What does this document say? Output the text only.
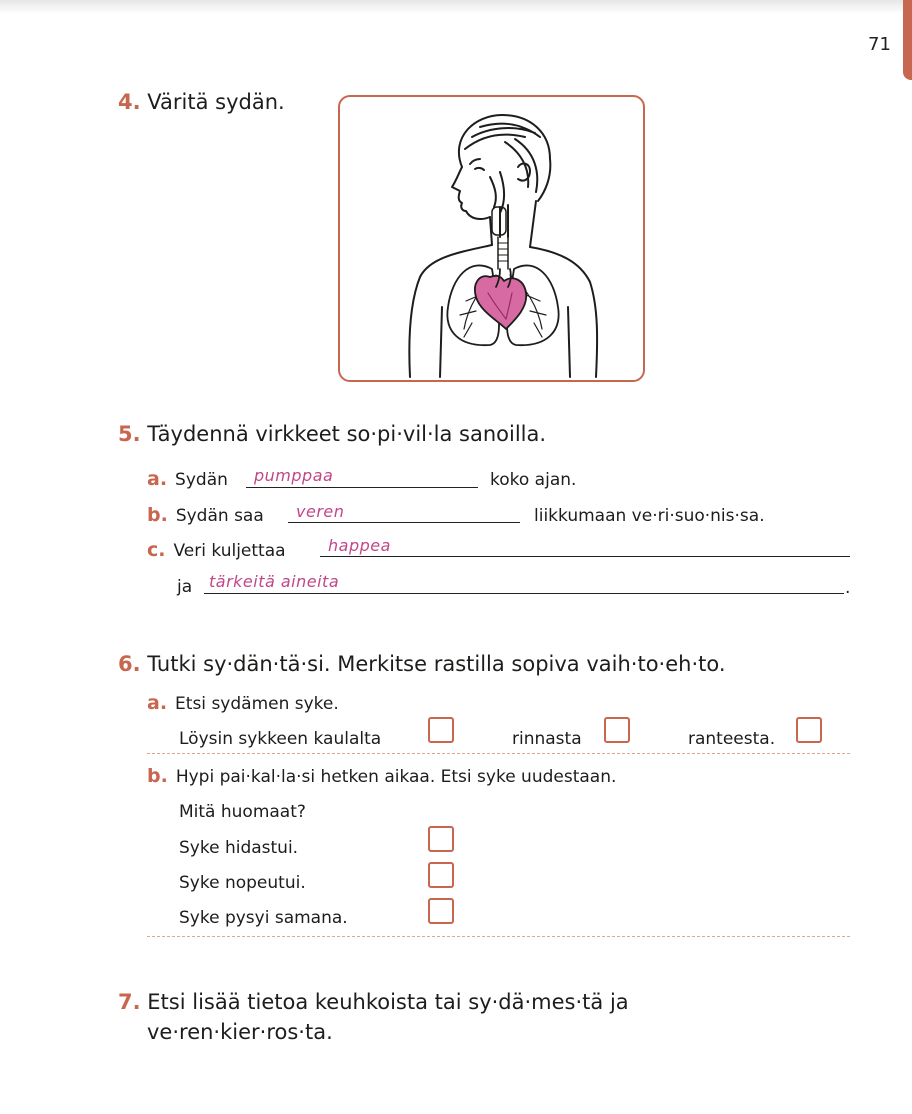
71
4. Väritä sydän.
5. Täydennä virkkeet so·pi·vil·la sanoilla.
a. Sydän pumppaa	koko ajan.
b. Sydän saa veren	liikkumaan ve·ri·suo·nis·sa.
c. Veri kuljettaa	happea
ja tärkeitä aineita	.
6. Tutki sy·dän·tä·si. Merkitse rastilla sopiva vaih·to·eh·to.
a. Etsi sydämen syke.
Löysin sykkeen kaulalta	rinnasta	ranteesta.
b. Hypi pai·kal·la·si hetken aikaa. Etsi syke uudestaan.
Mitä huomaat?
Syke hidastui.
Syke nopeutui.
Syke pysyi samana.
7. Etsi lisää tietoa keuhkoista tai sy·dä·mes·tä ja
ve·ren·kier·ros·ta.
